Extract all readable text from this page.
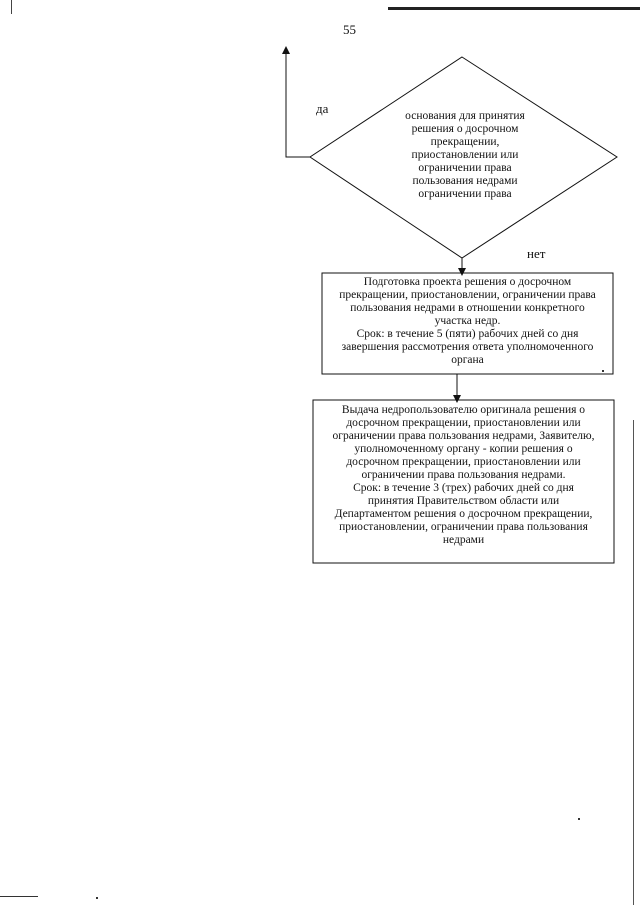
55
основания для принятия решения о досрочном прекращении, приостановлении или ограничении права пользования недрами ограничении права
да
нет
Подготовка проекта решения о досрочном
прекращении, приостановлении, ограничении права
пользования недрами в отношении конкретного
участка недр.
Срок: в течение 5 (пяти) рабочих дней со дня
завершения рассмотрения ответа уполномоченного
органа
Выдача недропользователю оригинала решения о
досрочном прекращении, приостановлении или
ограничении права пользования недрами, Заявителю,
уполномоченному органу - копии решения о
досрочном прекращении, приостановлении или
ограничении права пользования недрами.
Срок: в течение 3 (трех) рабочих дней со дня
принятия Правительством области или
Департаментом решения о досрочном прекращении,
приостановлении, ограничении права пользования
недрами
